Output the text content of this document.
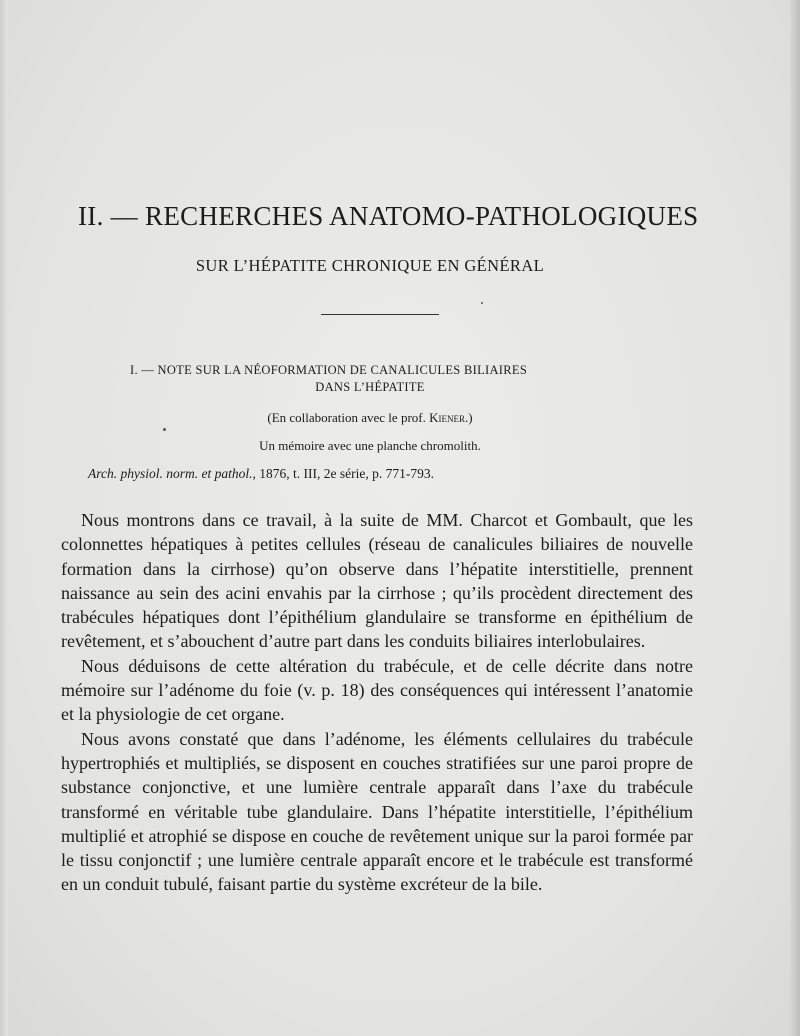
II. — RECHERCHES ANATOMO-PATHOLOGIQUES
SUR L’HÉPATITE CHRONIQUE EN GÉNÉRAL
I. — NOTE SUR LA NÉOFORMATION DE CANALICULES BILIAIRES
DANS L’HÉPATITE
(En collaboration avec le prof. Kiener.)
Un mémoire avec une planche chromolith.
Arch. physiol. norm. et pathol., 1876, t. III, 2e série, p. 771-793.

Nous montrons dans ce travail, à la suite de MM. Charcot et Gombault, que les colonnettes hépatiques à petites cellules (réseau de canalicules biliaires de nouvelle formation dans la cirrhose) qu’on observe dans l’hépatite interstitielle, prennent naissance au sein des acini envahis par la cirrhose ; qu’ils procèdent directement des trabécules hépatiques dont l’épithélium glandulaire se transforme en épithélium de revêtement, et s’abouchent d’autre part dans les conduits biliaires interlobulaires.

Nous déduisons de cette altération du trabécule, et de celle décrite dans notre mémoire sur l’adénome du foie (v. p. 18) des conséquences qui intéressent l’anatomie et la physiologie de cet organe.

Nous avons constaté que dans l’adénome, les éléments cellulaires du trabécule hypertrophiés et multipliés, se disposent en couches stratifiées sur une paroi propre de substance conjonctive, et une lumière centrale apparaît dans l’axe du trabécule transformé en véritable tube glandulaire. Dans l’hépatite interstitielle, l’épithélium multiplié et atrophié se dispose en couche de revêtement unique sur la paroi formée par le tissu conjonctif ; une lumière centrale apparaît encore et le trabécule est transformé en un conduit tubulé, faisant partie du système excréteur de la bile.
